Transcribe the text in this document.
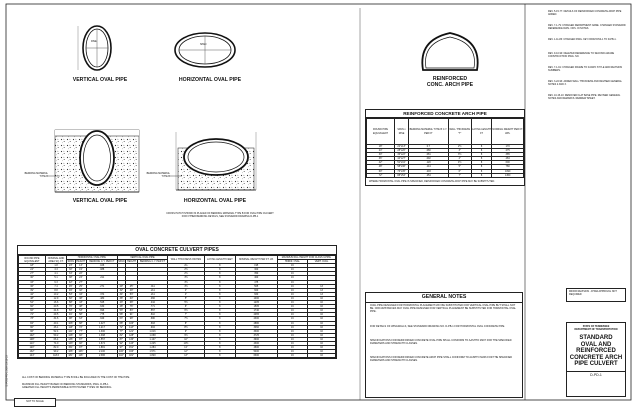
VERTICAL OVAL PIPE	HORIZONTAL OVAL PIPE	REINFORCED
CONC. ARCH PIPE
VERTICAL OVAL PIPE	HORIZONTAL OVAL PIPE
SPAN
RISE
BEDDING MATERIAL
TYPE B
BEDDING MATERIAL
TYPE B
CROSS HATCH SHOWN IS PLACED OF BEDDING MATERIAL TYPE B FOR OVAL PIPE CULVERT
FOR OTHER BEDDING DETAILS, SEE STANDARD DRAWING D-PB-1
REINFORCED CONCRETE ARCH PIPE
ROUND PIPE EQUIVALENT	SPAN x RISE	BEDDING MATERIAL TYPE B C.Y. PER FT	WALL THICKNESS "T"	LAYING LENGTH FT	NOMINAL WEIGHT PER FT. LBS.
18"	22"x13"	0.7	2½	8	170
24"	28"x20"	.080	3"	8	275
30"	36"x22"	.081	3½	8	385
36"	44"x27"	.092	4"	8	484
42"	51"x31"	.120	4½	8	600
48"	58"x36"	.144	5"	8	780
60"	73"x45"	.203	6"	8	1090
72"	88"x54"	.254	7"	8	1450
WHERE HORIZONTAL OVAL PIPE IS SPECIFIED, REINFORCED CONCRETE ARCH PIPE MAY BE SUBSTITUTED.
OVAL CONCRETE CULVERT PIPES
ROUND PIPE EQUIVALENT	NOMINAL END AREA SQ. FT.	HORIZONTAL OVAL PIPE			VERTICAL OVAL PIPE			WALL THICKNESS INCHES	LAYING LENGTH FEET	NOMINAL WEIGHT PER FT. LB.	MAXIMUM FILL HEIGHT FOR CLASS II-PIPE	
		SPAN	HEIGHT	BEDDING C.Y. PER FT	SPAN	HEIGHT	BEDDING C.Y. PER FT				HORIZ. OVAL	VERT. OVAL
18"	1.8	23"	14"	.106				2¼	8	195	16	
24"	3.3	30"	19"	.088				2½	8	300	16	
27"	4.1	34"	22"					2½	8	350	16	
30"	5.1	38"	24"	.211				3½	8	400	16	
33"	6.3	42"	27"					3½	8	475	16	
36"	7.4	45"	29"	.271	29"	45"	.011	3½	8	505	16	13
39"	8.8	49"	32"		32"	49"	.211	4"	8	600	16	13
42"	10.2	53"	34"	.374	34"	53"	.211	4"	8	660	16	13
48"	12.9	60"	38"	.480	38"	60"	.066	5"	8	1000	16	16
54"	16.6	68"	43"	.525	43"	68"	.044	5½	8	1205	16	16
60"	20.5	76"	48"	.630	48"	76"	.771	6"	8	1505	16	16
66"	24.8	83"	53"	.696	53"	83"	.557	6½	8	1740	16	16
72"	29.5	91"	58"	.775	58"	91"	.610	7"	8	2065	16	16
78"	34.6	98"	63"	.949	63"	98"	.680	7½	8	2300	16	16
84"	40.1	106"	68"	1.027	68"	106"	.693	8"	8	2880	16	16
90"	46.1	113"	72"	1.217	72"	113"	.904	8½	8	3060	16	16
96"	52.4	121"	77"	1.300	77"	121"	1.016	9"	8	3300	16	16
102"	59.2	128"	82"	1.398	82"	128"	1.068	9½	8	3725	16	16
108"	66.4	136"	87"	1.557	87"	136"	1.107	10"	8	3900	16	16
114"	74.0	143"	92"	1.674	92"	143"	1.225	10½	8	4300	16	16
120"	82.0	151"	97"	1.881	97"	151"	1.284	11"	8	4600	16	16
132"	99.2	166"	106"	2.100	106"	166"	1.571	12"	8	5400	16	16
144"	118.6	181"	116"	2.386	116"	181"	1.820	13"	8	6300	16	16
ALL COST OF BEDDING MATERIAL TYPE B WILL BE INCLUDED IN THE COST OF THE PIPE.
MAXIMUM FILL HEIGHT BASED ON BEDDING STANDARDS, DWG. D-PB-1
GREATER FILL HEIGHTS PERMISSIBLE WITH HIGHER TYPES OF BEDDING.
GENERAL NOTES
OVAL PIPE DESIGNED FOR HORIZONTAL PLACEMENT MAY BE SUBSTITUTED FOR VERTICAL OVAL PIPE BUT SHALL NOT BE. CIRCUMSTANCES MAY OVAL PIPE DESIGNED FOR VERTICAL PLACEMENT BE SUBSTITUTED FOR HORIZONTAL OVAL PIPE.
FOR DETAILS OF WINGWALLS, SEE STANDARD DRAWING NO. D-PB-1 FOR HORIZONTAL OVAL CONCRETE PIPE.
SPECIFICATIONS FOR REINFORCED CONCRETE OVAL PIPE SHALL CONFORM TO AASHTO M207 FOR THE SPECIFIED DIAMETERS AND STRENGTH CLASSES.
SPECIFICATIONS FOR REINFORCED CONCRETE ARCH PIPE SHALL CONFORM TO AASHTO M206 FOR THE SPECIFIED DIAMETERS AND STRENGTH CLASSES.
REV. 5-15-77: DETAILS OF REINFORCED CONCRETE ARCH PIPE ADDED.
REV. 7-1-79: CHANGED DEPARTMENT NAME. CHANGED STANDARD REFERENCE DWG. NOS. IN NOTES.
REV. 1-11-86: CHANGED DWG. KEY FROM DSS-1 TO D-PB-1.
REV. 9-10-90: DELETED REFERENCE TO SECOND-GRADE CONSTRUCTION DWG. NO.
REV. 7-1-91: CHANGED FRAME TO D-DWO STYLE AND REVISION NUMBERS.
REV. 3-22-93: ADDED WALL THICKNESS AND REVISED GENERAL NOTES 2 AND 3.
REV. 10-15-10: REMOVED FLAT BASE PIPE. REVISED GENERAL NOTES AND REMARKS. REDREW SHEET.
MINOR REVISION - FHWA APPROVAL NOT REQUIRED
STATE OF TENNESSEE
DEPARTMENT OF TRANSPORTATION
STANDARD
OVAL AND
REINFORCED
CONCRETE ARCH
PIPE CULVERT
D-PD-1
NOT TO SCALE
D:\PB\D-PD-1.DGN 10-15-10
